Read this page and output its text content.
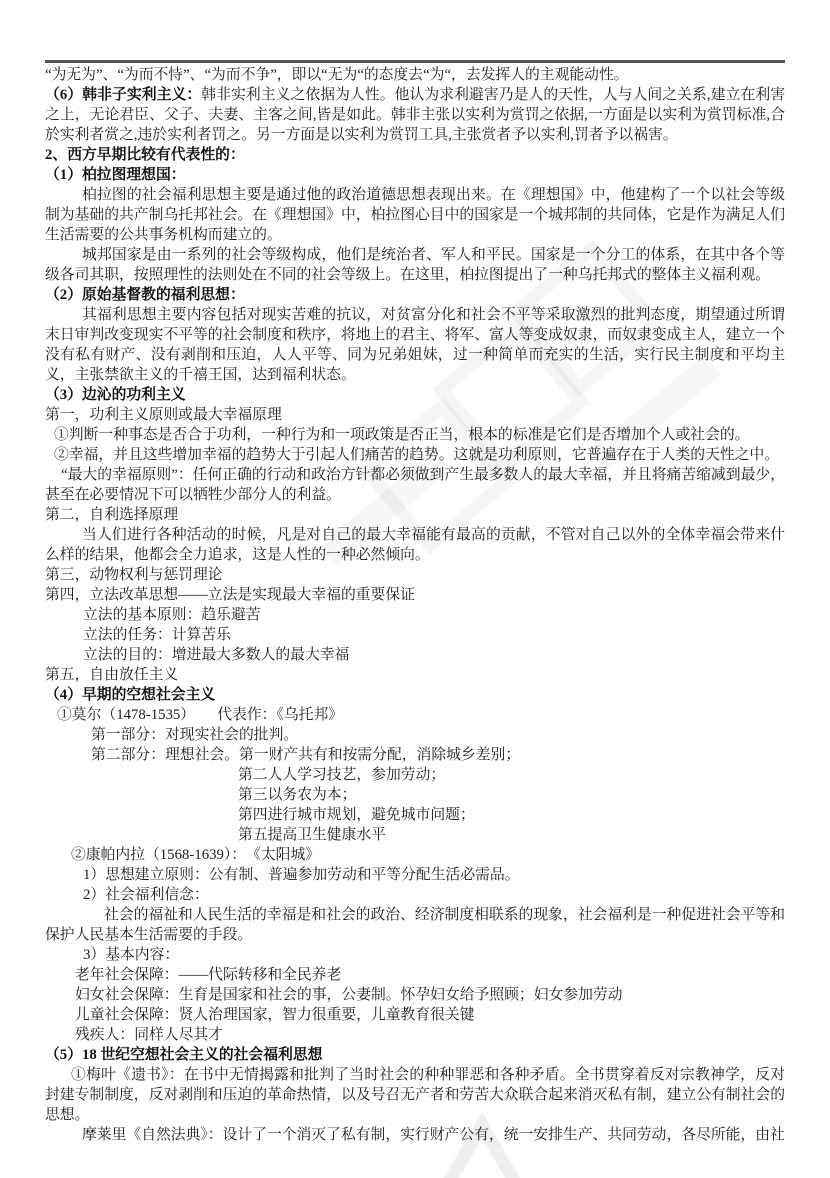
“为无为”、“为而不恃”、“为而不争”，即以“无为“的态度去“为“，去发挥人的主观能动性。

（6）韩非子实利主义：韩非实利主义之依据为人性。他认为求利避害乃是人的天性，人与人间之关系,建立在利害之上，无论君臣、父子、夫妻、主客之间,皆是如此。韩非主张以实利为赏罚之依据,一方面是以实利为赏罚标准,合於实利者赏之,违於实利者罚之。另一方面是以实利为赏罚工具,主张赏者予以实利,罚者予以祸害。

2、西方早期比较有代表性的：

（1）柏拉图理想国：

柏拉图的社会福利思想主要是通过他的政治道德思想表现出来。在《理想国》中，他建构了一个以社会等级制为基础的共产制乌托邦社会。在《理想国》中，柏拉图心目中的国家是一个城邦制的共同体，它是作为满足人们生活需要的公共事务机构而建立的。

城邦国家是由一系列的社会等级构成，他们是统治者、军人和平民。国家是一个分工的体系，在其中各个等级各司其职，按照理性的法则处在不同的社会等级上。在这里，柏拉图提出了一种乌托邦式的整体主义福利观。

（2）原始基督教的福利思想：

其福利思想主要内容包括对现实苦难的抗议，对贫富分化和社会不平等采取激烈的批判态度，期望通过所谓末日审判改变现实不平等的社会制度和秩序，将地上的君主、将军、富人等变成奴隶，而奴隶变成主人，建立一个没有私有财产、没有剥削和压迫，人人平等、同为兄弟姐妹，过一种简单而充实的生活，实行民主制度和平均主义，主张禁欲主义的千禧王国，达到福利状态。

（3）边沁的功利主义

第一，功利主义原则或最大幸福原理

①判断一种事态是否合于功利，一种行为和一项政策是否正当，根本的标准是它们是否增加个人或社会的。

②幸福，并且这些增加幸福的趋势大于引起人们痛苦的趋势。这就是功利原则，它普遍存在于人类的天性之中。

“最大的幸福原则”：任何正确的行动和政治方针都必须做到产生最多数人的最大幸福，并且将痛苦缩减到最少，甚至在必要情况下可以牺牲少部分人的利益。

第二，自利选择原理

当人们进行各种活动的时候，凡是对自己的最大幸福能有最高的贡献，不管对自己以外的全体幸福会带来什么样的结果，他都会全力追求，这是人性的一种必然倾向。

第三，动物权利与惩罚理论

第四，立法改革思想——立法是实现最大幸福的重要保证

立法的基本原则：趋乐避苦

立法的任务：计算苦乐

立法的目的：增进最大多数人的最大幸福

第五，自由放任主义

（4）早期的空想社会主义

①莫尔（1478-1535）　　代表作：《乌托邦》

第一部分：对现实社会的批判。

第二部分：理想社会。第一财产共有和按需分配，消除城乡差别；

第二人人学习技艺，参加劳动；

第三以务农为本；

第四进行城市规划，避免城市问题；

第五提高卫生健康水平

②康帕内拉（1568-1639）：　《太阳城》

1）思想建立原则：公有制、普遍参加劳动和平等分配生活必需品。

2）社会福利信念：

社会的福祉和人民生活的幸福是和社会的政治、经济制度相联系的现象，社会福利是一种促进社会平等和保护人民基本生活需要的手段。

3）基本内容：

老年社会保障：——代际转移和全民养老

妇女社会保障：生育是国家和社会的事，公妻制。怀孕妇女给予照顾；妇女参加劳动

儿童社会保障：贤人治理国家，智力很重要，儿童教育很关键

残疾人：同样人尽其才

（5）18 世纪空想社会主义的社会福利思想

①梅叶《遗书》：在书中无情揭露和批判了当时社会的种种罪恶和各种矛盾。全书贯穿着反对宗教神学，反对封建专制制度，反对剥削和压迫的革命热情，以及号召无产者和劳苦大众联合起来消灭私有制，建立公有制社会的思想。

摩莱里《自然法典》：设计了一个消灭了私有制，实行财产公有，统一安排生产、共同劳动，各尽所能，由社
